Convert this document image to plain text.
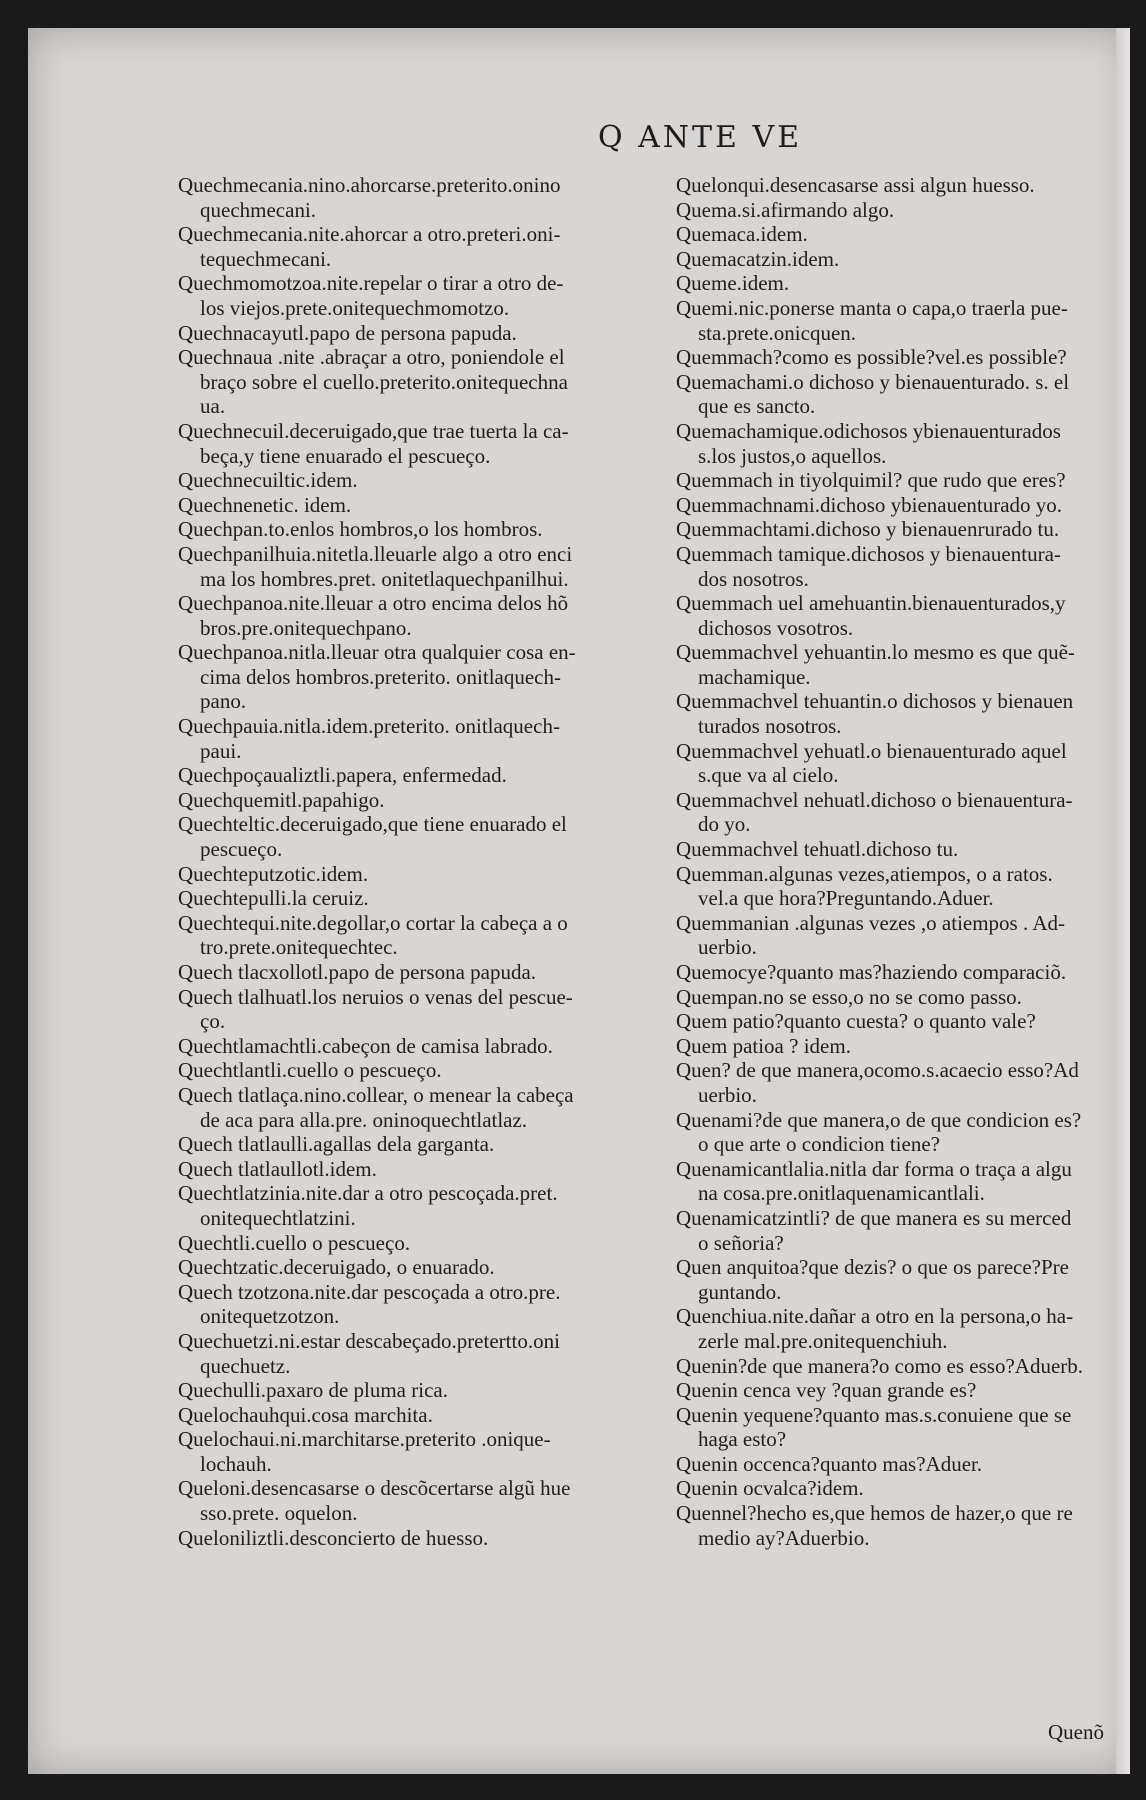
Q ANTE VE
Quechmecania.nino.ahorcarse.preterito.onino
quechmecani.
Quechmecania.nite.ahorcar a otro.preteri.oni-
tequechmecani.
Quechmomotzoa.nite.repelar o tirar a otro de-
los viejos.prete.onitequechmomotzo.
Quechnacayutl.papo de persona papuda.
Quechnaua .nite .abraçar a otro, poniendole el
braço sobre el cuello.preterito.onitequechna
ua.
Quechnecuil.deceruigado,que trae tuerta la ca-
beça,y tiene enuarado el pescueço.
Quechnecuiltic.idem.
Quechnenetic. idem.
Quechpan.to.enlos hombros,o los hombros.
Quechpanilhuia.nitetla.lleuarle algo a otro enci
ma los hombres.pret. onitetlaquechpanilhui.
Quechpanoa.nite.lleuar a otro encima delos hõ
bros.pre.onitequechpano.
Quechpanoa.nitla.lleuar otra qualquier cosa en-
cima delos hombros.preterito. onitlaquech-
pano.
Quechpauia.nitla.idem.preterito. onitlaquech-
paui.
Quechpoçaualiztli.papera, enfermedad.
Quechquemitl.papahigo.
Quechteltic.deceruigado,que tiene enuarado el
pescueço.
Quechteputzotic.idem.
Quechtepulli.la ceruiz.
Quechtequi.nite.degollar,o cortar la cabeça a o
tro.prete.onitequechtec.
Quech tlacxollotl.papo de persona papuda.
Quech tlalhuatl.los neruios o venas del pescue-
ço.
Quechtlamachtli.cabeçon de camisa labrado.
Quechtlantli.cuello o pescueço.
Quech tlatlaça.nino.collear, o menear la cabeça
de aca para alla.pre. oninoquechtlatlaz.
Quech tlatlaulli.agallas dela garganta.
Quech tlatlaullotl.idem.
Quechtlatzinia.nite.dar a otro pescoçada.pret.
onitequechtlatzini.
Quechtli.cuello o pescueço.
Quechtzatic.deceruigado, o enuarado.
Quech tzotzona.nite.dar pescoçada a otro.pre.
onitequetzotzon.
Quechuetzi.ni.estar descabeçado.pretertto.oni
quechuetz.
Quechulli.paxaro de pluma rica.
Quelochauhqui.cosa marchita.
Quelochaui.ni.marchitarse.preterito .onique-
lochauh.
Queloni.desencasarse o descõcertarse algũ hue
sso.prete. oquelon.
Queloniliztli.desconcierto de huesso.
Quelonqui.desencasarse assi algun huesso.
Quema.si.afirmando algo.
Quemaca.idem.
Quemacatzin.idem.
Queme.idem.
Quemi.nic.ponerse manta o capa,o traerla pue-
sta.prete.onicquen.
Quemmach?como es possible?vel.es possible?
Quemachami.o dichoso y bienauenturado. s. el
que es sancto.
Quemachamique.odichosos ybienauenturados
s.los justos,o aquellos.
Quemmach in tiyolquimil? que rudo que eres?
Quemmachnami.dichoso ybienauenturado yo.
Quemmachtami.dichoso y bienauenrurado tu.
Quemmach tamique.dichosos y bienauentura-
dos nosotros.
Quemmach uel amehuantin.bienauenturados,y
dichosos vosotros.
Quemmachvel yehuantin.lo mesmo es que quẽ-
machamique.
Quemmachvel tehuantin.o dichosos y bienauen
turados nosotros.
Quemmachvel yehuatl.o bienauenturado aquel
s.que va al cielo.
Quemmachvel nehuatl.dichoso o bienauentura-
do yo.
Quemmachvel tehuatl.dichoso tu.
Quemman.algunas vezes,atiempos, o a ratos.
vel.a que hora?Preguntando.Aduer.
Quemmanian .algunas vezes ,o atiempos . Ad-
uerbio.
Quemocye?quanto mas?haziendo comparaciõ.
Quempan.no se esso,o no se como passo.
Quem patio?quanto cuesta? o quanto vale?
Quem patioa ? idem.
Quen? de que manera,ocomo.s.acaecio esso?Ad
uerbio.
Quenami?de que manera,o de que condicion es?
o que arte o condicion tiene?
Quenamicantlalia.nitla dar forma o traça a algu
na cosa.pre.onitlaquenamicantlali.
Quenamicatzintli? de que manera es su merced
o señoria?
Quen anquitoa?que dezis? o que os parece?Pre
guntando.
Quenchiua.nite.dañar a otro en la persona,o ha-
zerle mal.pre.onitequenchiuh.
Quenin?de que manera?o como es esso?Aduerb.
Quenin cenca vey ?quan grande es?
Quenin yequene?quanto mas.s.conuiene que se
haga esto?
Quenin occenca?quanto mas?Aduer.
Quenin ocvalca?idem.
Quennel?hecho es,que hemos de hazer,o que re
medio ay?Aduerbio.
Quenõ
